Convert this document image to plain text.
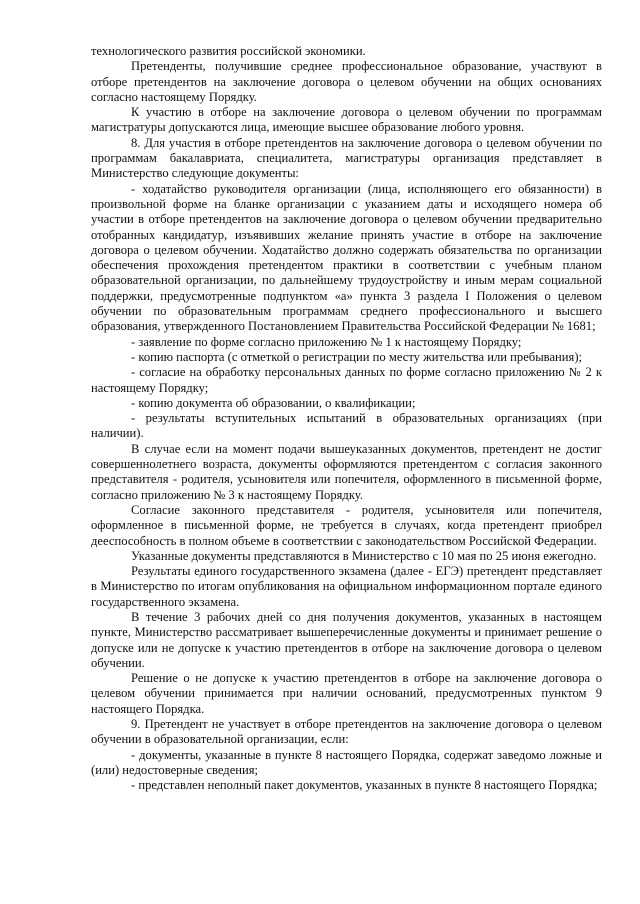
технологического развития российской экономики.

Претенденты, получившие среднее профессиональное образование, участвуют в отборе претендентов на заключение договора о целевом обучении на общих основаниях согласно настоящему Порядку.

К участию в отборе на заключение договора о целевом обучении по программам магистратуры допускаются лица, имеющие высшее образование любого уровня.

8. Для участия в отборе претендентов на заключение договора о целевом обучении по программам бакалавриата, специалитета, магистратуры организация представляет в Министерство следующие документы:

- ходатайство руководителя организации (лица, исполняющего его обязанности) в произвольной форме на бланке организации с указанием даты и исходящего номера об участии в отборе претендентов на заключение договора о целевом обучении предварительно отобранных кандидатур, изъявивших желание принять участие в отборе на заключение договора о целевом обучении. Ходатайство должно содержать обязательства по организации обеспечения прохождения претендентом практики в соответствии с учебным планом образовательной организации, по дальнейшему трудоустройству и иным мерам социальной поддержки, предусмотренные подпунктом «а» пункта 3 раздела I Положения о целевом обучении по образовательным программам среднего профессионального и высшего образования, утвержденного Постановлением Правительства Российской Федерации № 1681;

- заявление по форме согласно приложению № 1 к настоящему Порядку;

- копию паспорта (с отметкой о регистрации по месту жительства или пребывания);

- согласие на обработку персональных данных по форме согласно приложению № 2 к настоящему Порядку;

- копию документа об образовании, о квалификации;

- результаты вступительных испытаний в образовательных организациях (при наличии).

В случае если на момент подачи вышеуказанных документов, претендент не достиг совершеннолетнего возраста, документы оформляются претендентом с согласия законного представителя - родителя, усыновителя или попечителя, оформленного в письменной форме, согласно приложению № 3 к настоящему Порядку.

Согласие законного представителя - родителя, усыновителя или попечителя, оформленное в письменной форме, не требуется в случаях, когда претендент приобрел дееспособность в полном объеме в соответствии с законодательством Российской Федерации.

Указанные документы представляются в Министерство с 10 мая по 25 июня ежегодно.

Результаты единого государственного экзамена (далее - ЕГЭ) претендент представляет в Министерство по итогам опубликования на официальном информационном портале единого государственного экзамена.

В течение 3 рабочих дней со дня получения документов, указанных в настоящем пункте, Министерство рассматривает вышеперечисленные документы и принимает решение о допуске или не допуске к участию претендентов в отборе на заключение договора о целевом обучении.

Решение о не допуске к участию претендентов в отборе на заключение договора о целевом обучении принимается при наличии оснований, предусмотренных пунктом 9 настоящего Порядка.

9. Претендент не участвует в отборе претендентов на заключение договора о целевом обучении в образовательной организации, если:

- документы, указанные в пункте 8 настоящего Порядка, содержат заведомо ложные и (или) недостоверные сведения;

- представлен неполный пакет документов, указанных в пункте 8 настоящего Порядка;
